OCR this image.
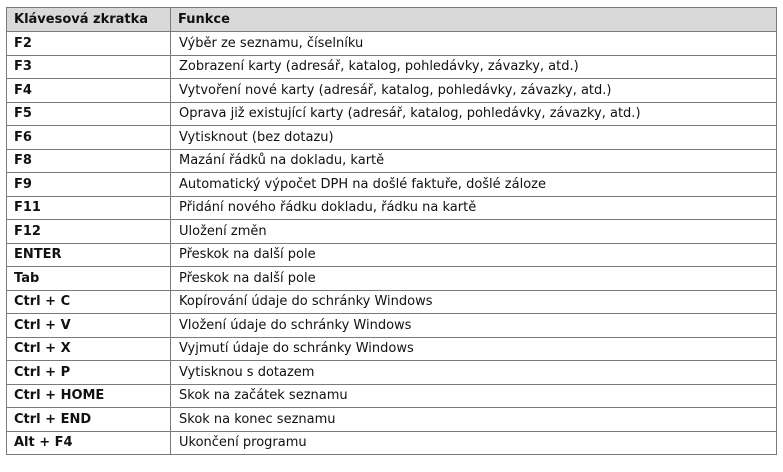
Klávesová zkratka	Funkce
F2	Výběr ze seznamu, číselníku
F3	Zobrazení karty (adresář, katalog, pohledávky, závazky, atd.)
F4	Vytvoření nové karty (adresář, katalog, pohledávky, závazky, atd.)
F5	Oprava již existující karty (adresář, katalog, pohledávky, závazky, atd.)
F6	Vytisknout (bez dotazu)
F8	Mazání řádků na dokladu, kartě
F9	Automatický výpočet DPH na došlé faktuře, došlé záloze
F11	Přidání nového řádku dokladu, řádku na kartě
F12	Uložení změn
ENTER	Přeskok na další pole
Tab	Přeskok na další pole
Ctrl + C	Kopírování údaje do schránky Windows
Ctrl + V	Vložení údaje do schránky Windows
Ctrl + X	Vyjmutí údaje do schránky Windows
Ctrl + P	Vytisknou s dotazem
Ctrl + HOME	Skok na začátek seznamu
Ctrl + END	Skok na konec seznamu
Alt + F4	Ukončení programu
